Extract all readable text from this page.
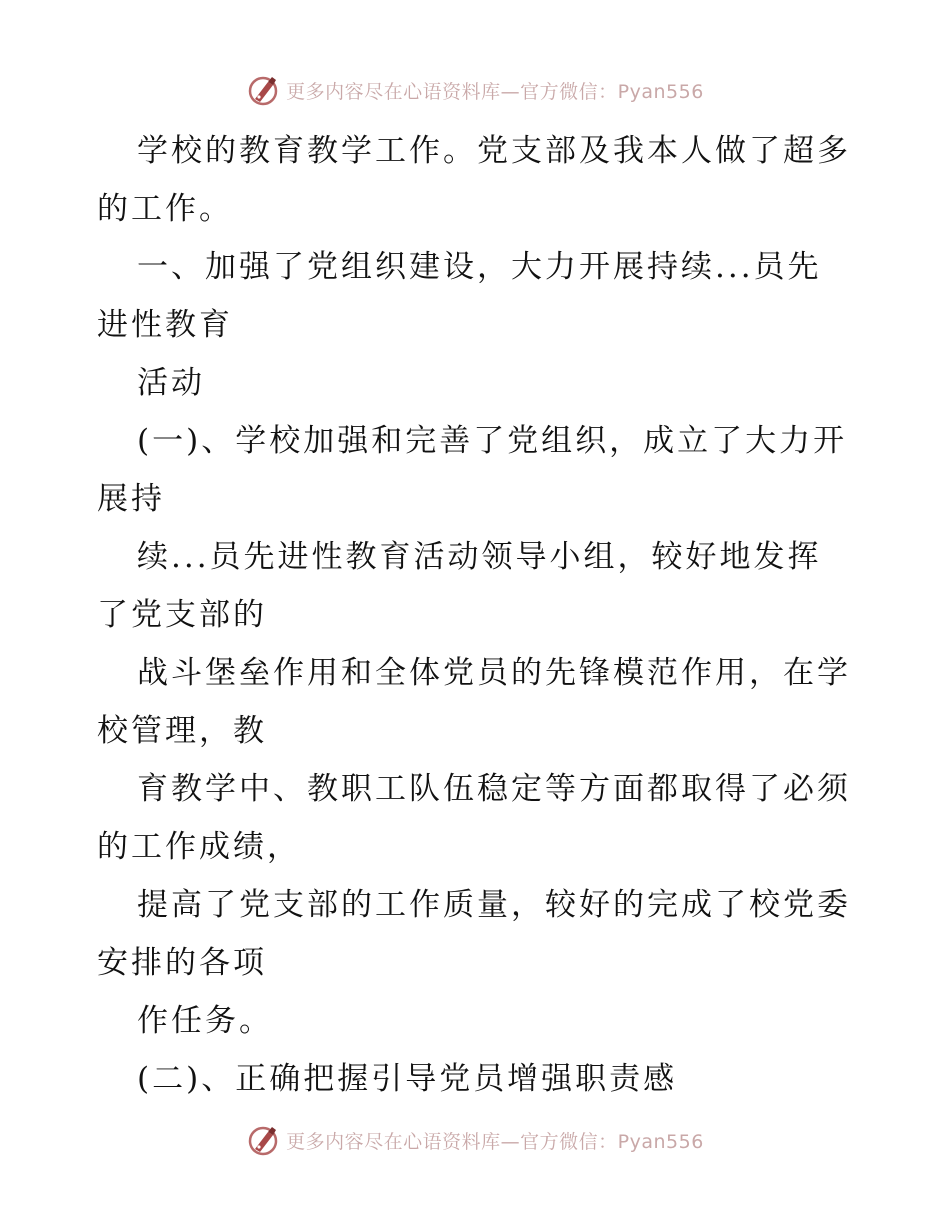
更多内容尽在心语资料库—官方微信：Pyan556
学校的教育教学工作。党支部及我本人做了超多
的工作。
一、加强了党组织建设，大力开展持续...员先
进性教育
活动
(一)、学校加强和完善了党组织，成立了大力开
展持
续...员先进性教育活动领导小组，较好地发挥
了党支部的
战斗堡垒作用和全体党员的先锋模范作用，在学
校管理，教
育教学中、教职工队伍稳定等方面都取得了必须
的工作成绩，
提高了党支部的工作质量，较好的完成了校党委
安排的各项
作任务。
(二)、正确把握引导党员增强职责感
更多内容尽在心语资料库—官方微信：Pyan556
